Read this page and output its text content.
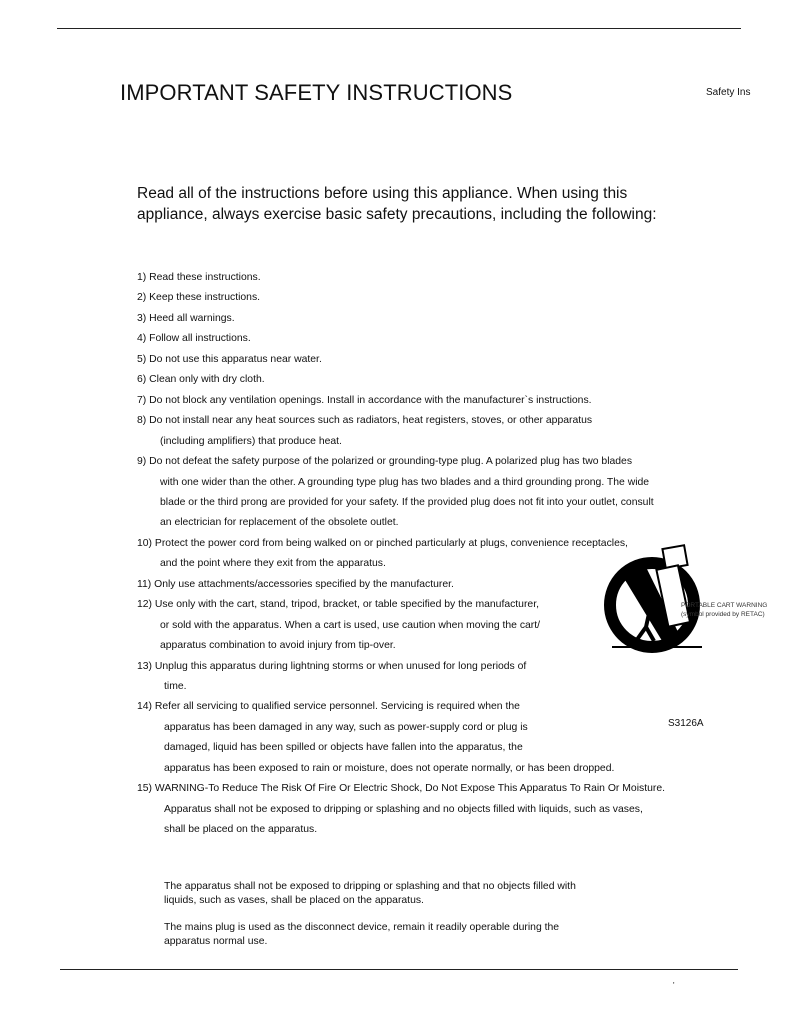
IMPORTANT SAFETY INSTRUCTIONS	Safety Ins
Read all of the instructions before using this appliance. When using this appliance, always exercise basic safety precautions, including the following:
1) Read these instructions.
2) Keep these instructions.
3) Heed all warnings.
4) Follow all instructions.
5) Do not use this apparatus near water.
6) Clean only with dry cloth.
7) Do not block any ventilation openings. Install in accordance with the manufacturer`s instructions.
8) Do not install near any heat sources such as radiators, heat registers, stoves, or other apparatus
(including amplifiers) that produce heat.
9) Do not defeat the safety purpose of the polarized or grounding-type plug. A polarized plug has two blades
with one wider than the other. A grounding type plug has two blades and a third grounding prong. The wide
blade or the third prong are provided for your safety. If the provided plug does not fit into your outlet, consult
an electrician for replacement of the obsolete outlet.
10) Protect the power cord from being walked on or pinched particularly at plugs, convenience receptacles,
and the point where they exit from the apparatus.
11) Only use attachments/accessories specified by the manufacturer.
12) Use only with the cart, stand, tripod, bracket, or table specified by the manufacturer,
or sold with the apparatus. When a cart is used, use caution when moving the cart/
apparatus combination to avoid injury from tip-over.
13) Unplug this apparatus during lightning storms or when unused for long periods of
time.
14) Refer all servicing to qualified service personnel. Servicing is required when the
apparatus has been damaged in any way, such as power-supply cord or plug is
damaged, liquid has been spilled or objects have fallen into the apparatus, the
apparatus has been exposed to rain or moisture, does not operate normally, or has been dropped.
15) WARNING-To Reduce The Risk Of Fire Or Electric Shock, Do Not Expose This Apparatus To Rain Or Moisture.
Apparatus shall not be exposed to dripping or splashing and no objects filled with liquids, such as vases,
shall be placed on the apparatus.
The apparatus shall not be exposed to dripping or splashing and that no objects filled with liquids, such as vases, shall be placed on the apparatus.
The mains plug is used as the disconnect device, remain it readily operable during the apparatus normal use.
PORTABLE CART WARNING
(symbol provided by RETAC)
S3126A
'
